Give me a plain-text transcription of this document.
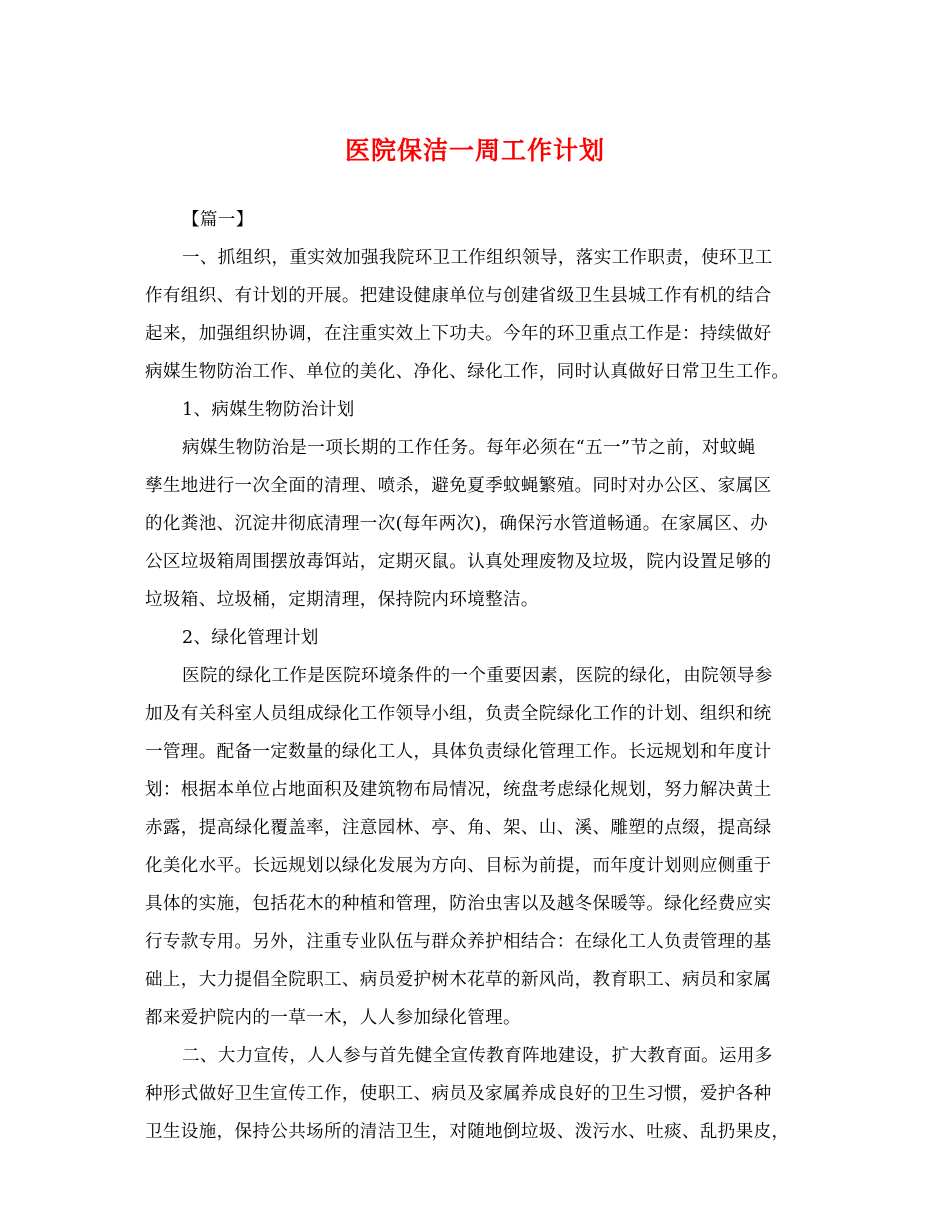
医院保洁一周工作计划
【篇一】
一、抓组织，重实效加强我院环卫工作组织领导，落实工作职责，使环卫工
作有组织、有计划的开展。把建设健康单位与创建省级卫生县城工作有机的结合
起来，加强组织协调，在注重实效上下功夫。今年的环卫重点工作是：持续做好
病媒生物防治工作、单位的美化、净化、绿化工作，同时认真做好日常卫生工作。
1、病媒生物防治计划
病媒生物防治是一项长期的工作任务。每年必须在“五一”节之前，对蚊蝇
孳生地进行一次全面的清理、喷杀，避免夏季蚊蝇繁殖。同时对办公区、家属区
的化粪池、沉淀井彻底清理一次(每年两次)，确保污水管道畅通。在家属区、办
公区垃圾箱周围摆放毒饵站，定期灭鼠。认真处理废物及垃圾，院内设置足够的
垃圾箱、垃圾桶，定期清理，保持院内环境整洁。
2、绿化管理计划
医院的绿化工作是医院环境条件的一个重要因素，医院的绿化，由院领导参
加及有关科室人员组成绿化工作领导小组，负责全院绿化工作的计划、组织和统
一管理。配备一定数量的绿化工人，具体负责绿化管理工作。长远规划和年度计
划：根据本单位占地面积及建筑物布局情况，统盘考虑绿化规划，努力解决黄土
赤露，提高绿化覆盖率，注意园林、亭、角、架、山、溪、雕塑的点缀，提高绿
化美化水平。长远规划以绿化发展为方向、目标为前提，而年度计划则应侧重于
具体的实施，包括花木的种植和管理，防治虫害以及越冬保暖等。绿化经费应实
行专款专用。另外，注重专业队伍与群众养护相结合：在绿化工人负责管理的基
础上，大力提倡全院职工、病员爱护树木花草的新风尚，教育职工、病员和家属
都来爱护院内的一草一木，人人参加绿化管理。
二、大力宣传，人人参与首先健全宣传教育阵地建设，扩大教育面。运用多
种形式做好卫生宣传工作，使职工、病员及家属养成良好的卫生习惯，爱护各种
卫生设施，保持公共场所的清洁卫生，对随地倒垃圾、泼污水、吐痰、乱扔果皮，
